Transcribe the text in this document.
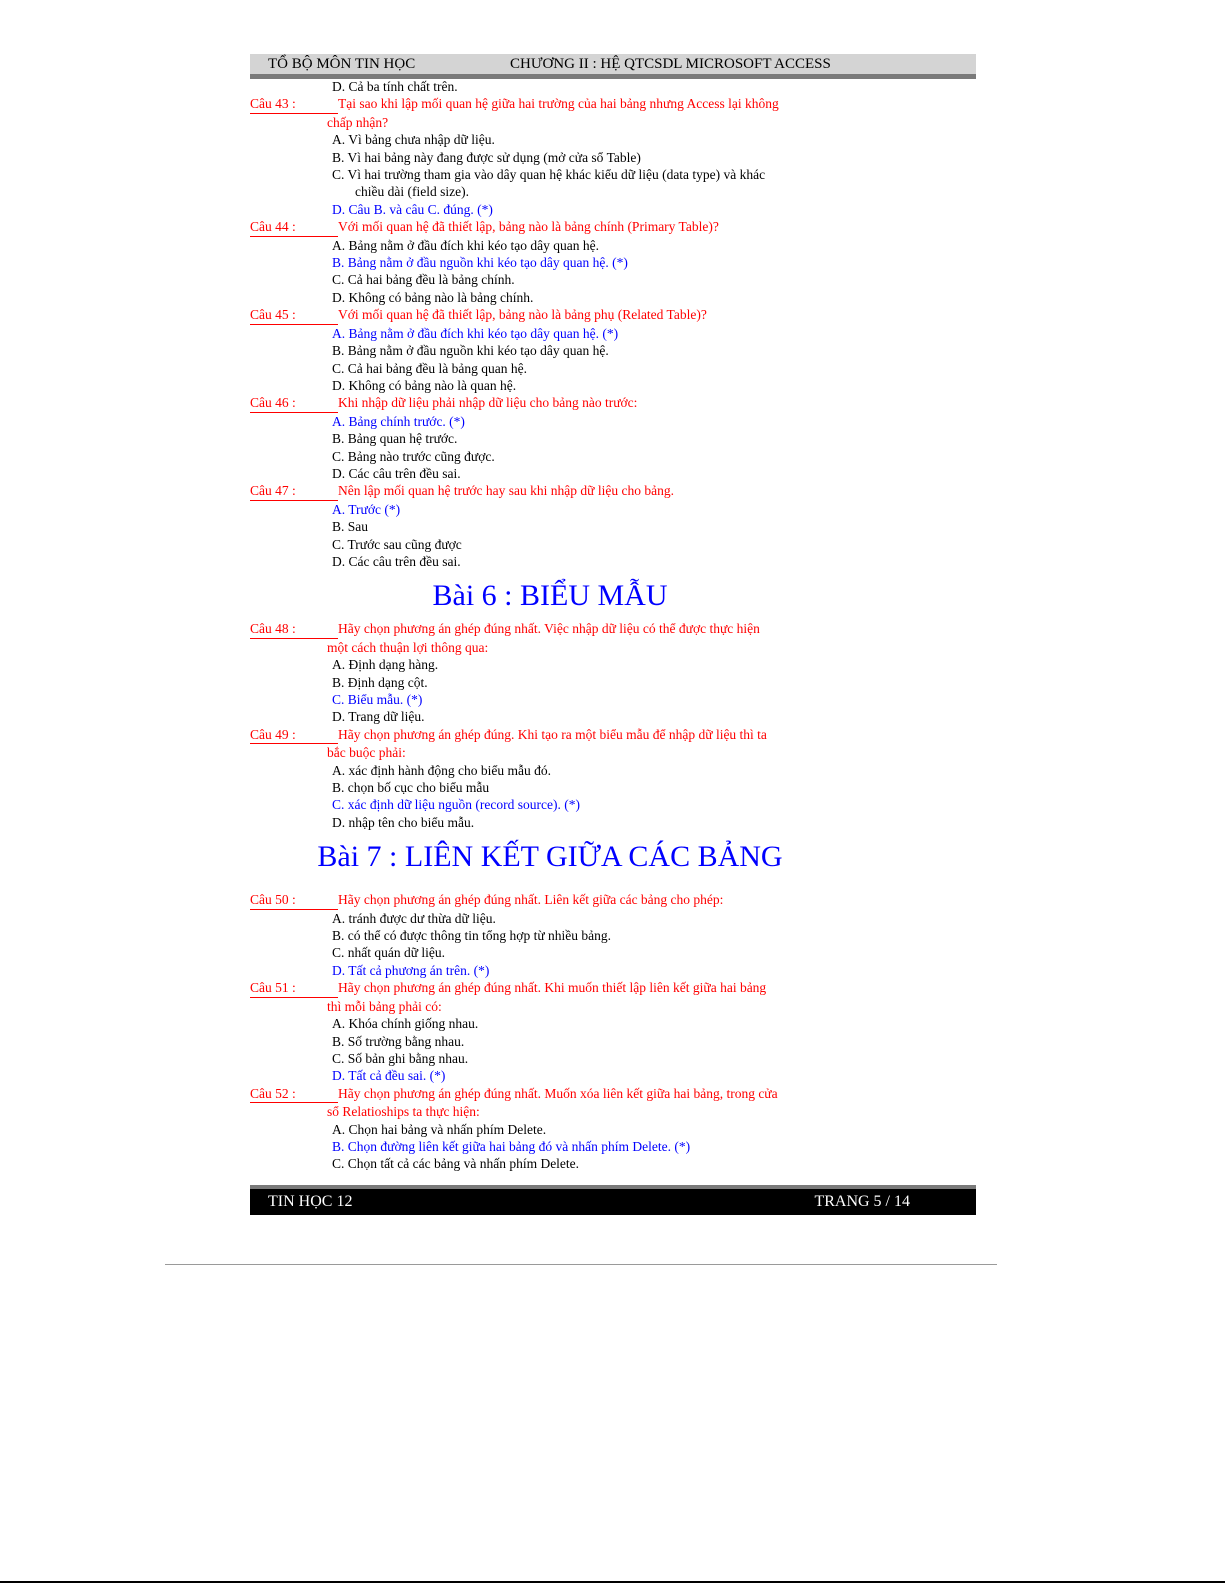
TỔ BỘ MÔN TIN HỌC	CHƯƠNG II : HỆ QTCSDL MICROSOFT ACCESS
D. Cả ba tính chất trên.
Câu 43 :	Tại sao khi lập mối quan hệ giữa hai trường của hai bảng nhưng Access lại không
chấp nhận?
A. Vì bảng chưa nhập dữ liệu.
B. Vì hai bảng này đang được sử dụng (mở cửa sổ Table)
C. Vì hai trường tham gia vào dây quan hệ khác kiểu dữ liệu (data type) và khác
chiều dài (field size).
D. Câu B. và câu C. đúng. (*)
Câu 44 :	Với mối quan hệ đã thiết lập, bảng nào là bảng chính (Primary Table)?
A. Bảng nằm ở đầu đích khi kéo tạo dây quan hệ.
B. Bảng nằm ở đầu nguồn khi kéo tạo dây quan hệ. (*)
C. Cả hai bảng đều là bảng chính.
D. Không có bảng nào là bảng chính.
Câu 45 :	Với mối quan hệ đã thiết lập, bảng nào là bảng phụ (Related Table)?
A. Bảng nằm ở đầu đích khi kéo tạo dây quan hệ. (*)
B. Bảng nằm ở đầu nguồn khi kéo tạo dây quan hệ.
C. Cả hai bảng đều là bảng quan hệ.
D. Không có bảng nào là quan hệ.
Câu 46 :	Khi nhập dữ liệu phải nhập dữ liệu cho bảng nào trước:
A. Bảng chính trước. (*)
B. Bảng quan hệ trước.
C. Bảng nào trước cũng được.
D. Các câu trên đều sai.
Câu 47 :	Nên lập mối quan hệ trước hay sau khi nhập dữ liệu cho bảng.
A. Trước (*)
B. Sau
C. Trước sau cũng được
D. Các câu trên đều sai.
Bài 6 : BIỂU MẪU
Câu 48 :	Hãy chọn phương án ghép đúng nhất. Việc nhập dữ liệu có thể được thực hiện
một cách thuận lợi thông qua:
A. Định dạng hàng.
B. Định dạng cột.
C. Biểu mẫu. (*)
D. Trang dữ liệu.
Câu 49 :	Hãy chọn phương án ghép đúng. Khi tạo ra một biểu mẫu để nhập dữ liệu thì ta
bắc buộc phải:
A. xác định hành động cho biểu mẫu đó.
B. chọn bố cục cho biểu mẫu
C. xác định dữ liệu nguồn (record source). (*)
D. nhập tên cho biểu mẫu.
Bài 7 : LIÊN KẾT GIỮA CÁC BẢNG
Câu 50 :	Hãy chọn phương án ghép đúng nhất. Liên kết giữa các bảng cho phép:
A. tránh được dư thừa dữ liệu.
B. có thể có được thông tin tổng hợp từ nhiều bảng.
C. nhất quán dữ liệu.
D. Tất cả phương án trên. (*)
Câu 51 :	Hãy chọn phương án ghép đúng nhất. Khi muốn thiết lập liên kết giữa hai bảng
thì mỗi bảng phải có:
A. Khóa chính giống nhau.
B. Số trường bằng nhau.
C. Số bản ghi bằng nhau.
D. Tất cả đều sai. (*)
Câu 52 :	Hãy chọn phương án ghép đúng nhất. Muốn xóa liên kết giữa hai bảng, trong cửa
sổ Relatioships ta thực hiện:
A. Chọn hai bảng và nhấn phím Delete.
B. Chọn đường liên kết giữa hai bảng đó và nhấn phím Delete. (*)
C. Chọn tất cả các bảng và nhấn phím Delete.
TIN HỌC 12	TRANG 5 / 14
